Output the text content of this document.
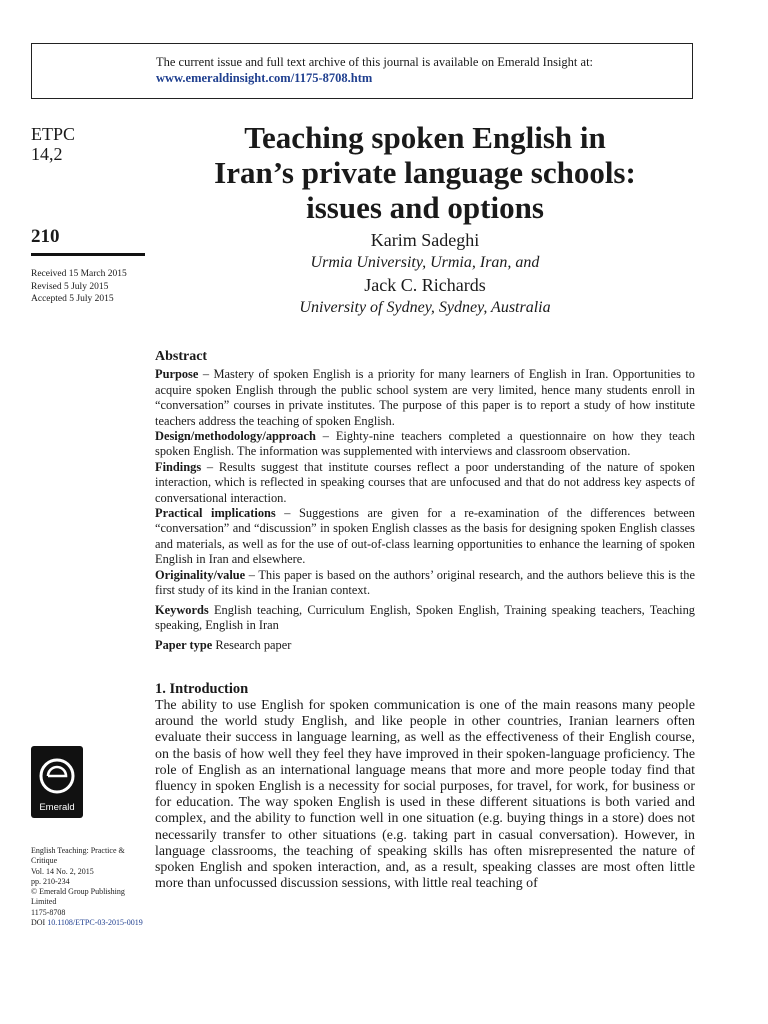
The current issue and full text archive of this journal is available on Emerald Insight at:
www.emeraldinsight.com/1175-8708.htm
ETPC
14,2
210
Received 15 March 2015
Revised 5 July 2015
Accepted 5 July 2015
Teaching spoken English in
Iran’s private language schools:
issues and options
Karim Sadeghi
Urmia University, Urmia, Iran, and
Jack C. Richards
University of Sydney, Sydney, Australia
Abstract

Purpose – Mastery of spoken English is a priority for many learners of English in Iran. Opportunities to acquire spoken English through the public school system are very limited, hence many students enroll in “conversation” courses in private institutes. The purpose of this paper is to report a study of how institute teachers address the teaching of spoken English.

Design/methodology/approach – Eighty-nine teachers completed a questionnaire on how they teach spoken English. The information was supplemented with interviews and classroom observation.

Findings – Results suggest that institute courses reflect a poor understanding of the nature of spoken interaction, which is reflected in speaking courses that are unfocused and that do not address key aspects of conversational interaction.

Practical implications – Suggestions are given for a re-examination of the differences between “conversation” and “discussion” in spoken English classes as the basis for designing spoken English classes and materials, as well as for the use of out-of-class learning opportunities to enhance the learning of spoken English in Iran and elsewhere.

Originality/value – This paper is based on the authors’ original research, and the authors believe this is the first study of its kind in the Iranian context.

Keywords English teaching, Curriculum English, Spoken English, Training speaking teachers, Teaching speaking, English in Iran

Paper type Research paper

1. Introduction

The ability to use English for spoken communication is one of the main reasons many people around the world study English, and like people in other countries, Iranian learners often evaluate their success in language learning, as well as the effectiveness of their English course, on the basis of how well they feel they have improved in their spoken-language proficiency. The role of English as an international language means that more and more people today find that fluency in spoken English is a necessity for social purposes, for travel, for work, for business or for education. The way spoken English is used in these different situations is both varied and complex, and the ability to function well in one situation (e.g. buying things in a store) does not necessarily transfer to other situations (e.g. taking part in casual conversation). However, in language classrooms, the teaching of speaking skills has often misrepresented the nature of spoken English and spoken interaction, and, as a result, speaking classes are most often little more than unfocussed discussion sessions, with little real teaching of

Emerald
English Teaching: Practice & Critique
Vol. 14 No. 2, 2015
pp. 210-234
© Emerald Group Publishing Limited
1175-8708
DOI 10.1108/ETPC-03-2015-0019
